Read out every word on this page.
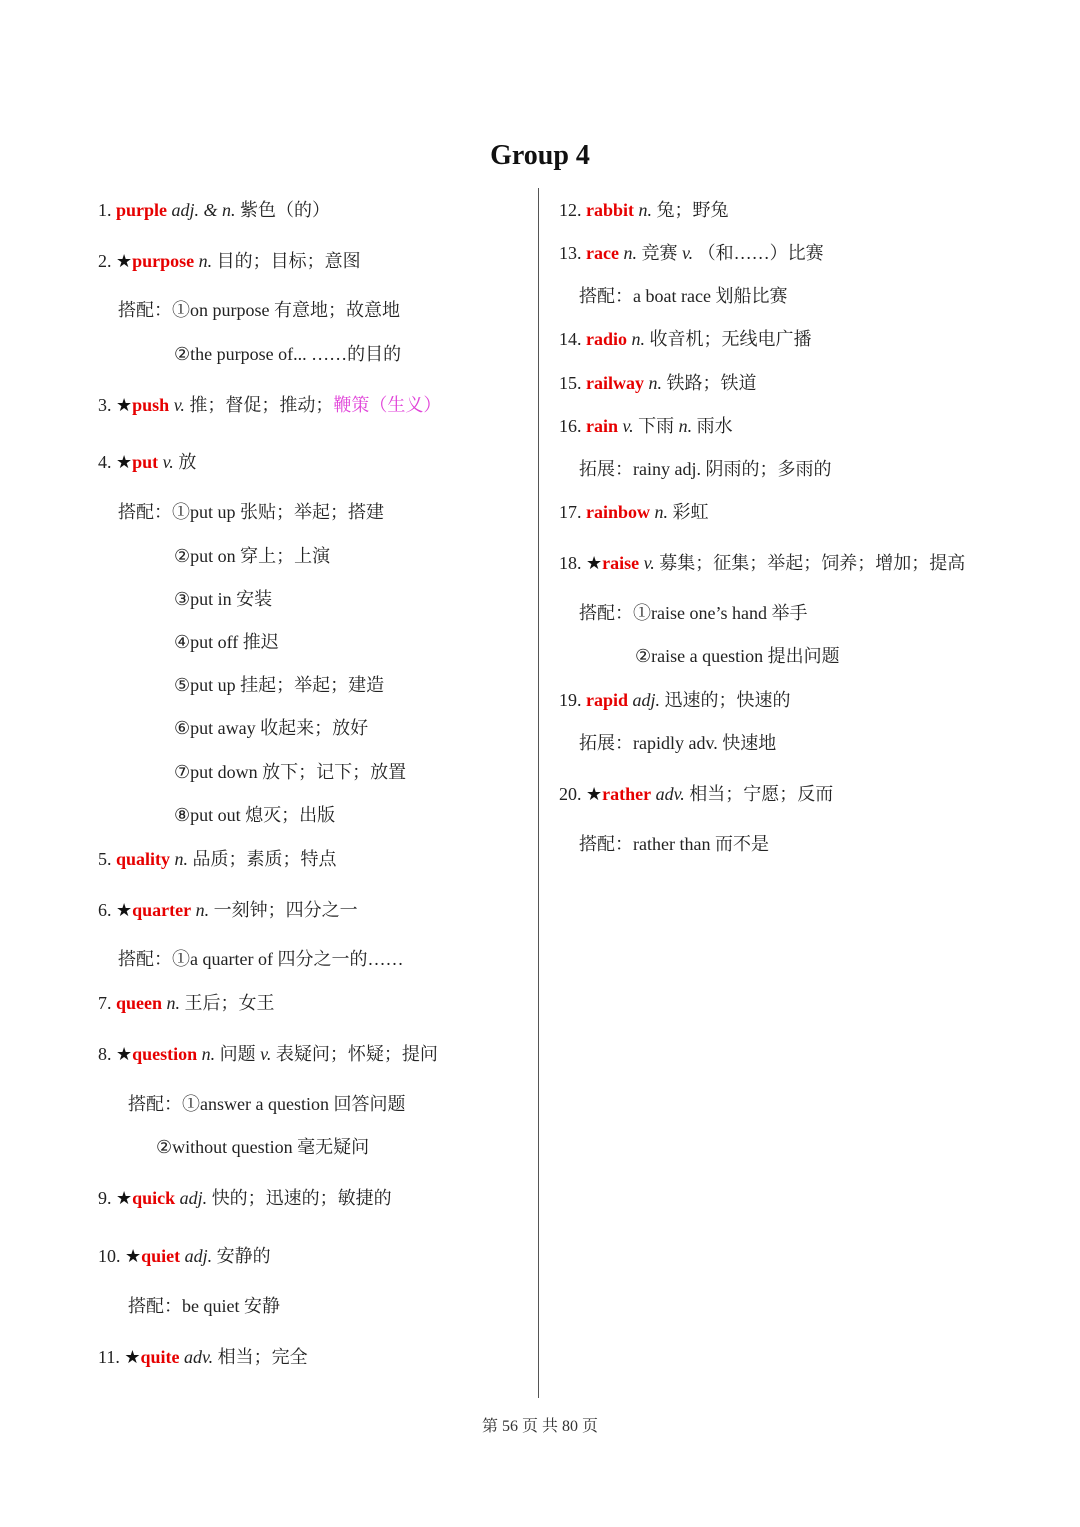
Group 4
第 56 页 共 80 页
1. purple adj. & n. 紫色（的）
2. ★purpose n. 目的；目标；意图
搭配：①on purpose 有意地；故意地
②the purpose of... ……的目的
3. ★push v. 推；督促；推动；鞭策（生义）
4. ★put v. 放
搭配：①put up 张贴；举起；搭建
②put on 穿上；上演
③put in 安装
④put off 推迟
⑤put up 挂起；举起；建造
⑥put away 收起来；放好
⑦put down 放下；记下；放置
⑧put out 熄灭；出版
5. quality n. 品质；素质；特点
6. ★quarter n. 一刻钟；四分之一
搭配：①a quarter of 四分之一的……
7. queen n. 王后；女王
8. ★question n. 问题 v. 表疑问；怀疑；提问
搭配：①answer a question 回答问题
②without question 毫无疑问
9. ★quick adj. 快的；迅速的；敏捷的
10. ★quiet adj. 安静的
搭配：be quiet 安静
11. ★quite adv. 相当；完全
12. rabbit n. 兔；野兔
13. race n. 竞赛 v. （和……）比赛
搭配：a boat race 划船比赛
14. radio n. 收音机；无线电广播
15. railway n. 铁路；铁道
16. rain v. 下雨 n. 雨水
拓展：rainy adj. 阴雨的；多雨的
17. rainbow n. 彩虹
18. ★raise v. 募集；征集；举起；饲养；增加；提高
搭配：①raise one’s hand 举手
②raise a question 提出问题
19. rapid adj. 迅速的；快速的
拓展：rapidly adv. 快速地
20. ★rather adv. 相当；宁愿；反而
搭配：rather than 而不是
